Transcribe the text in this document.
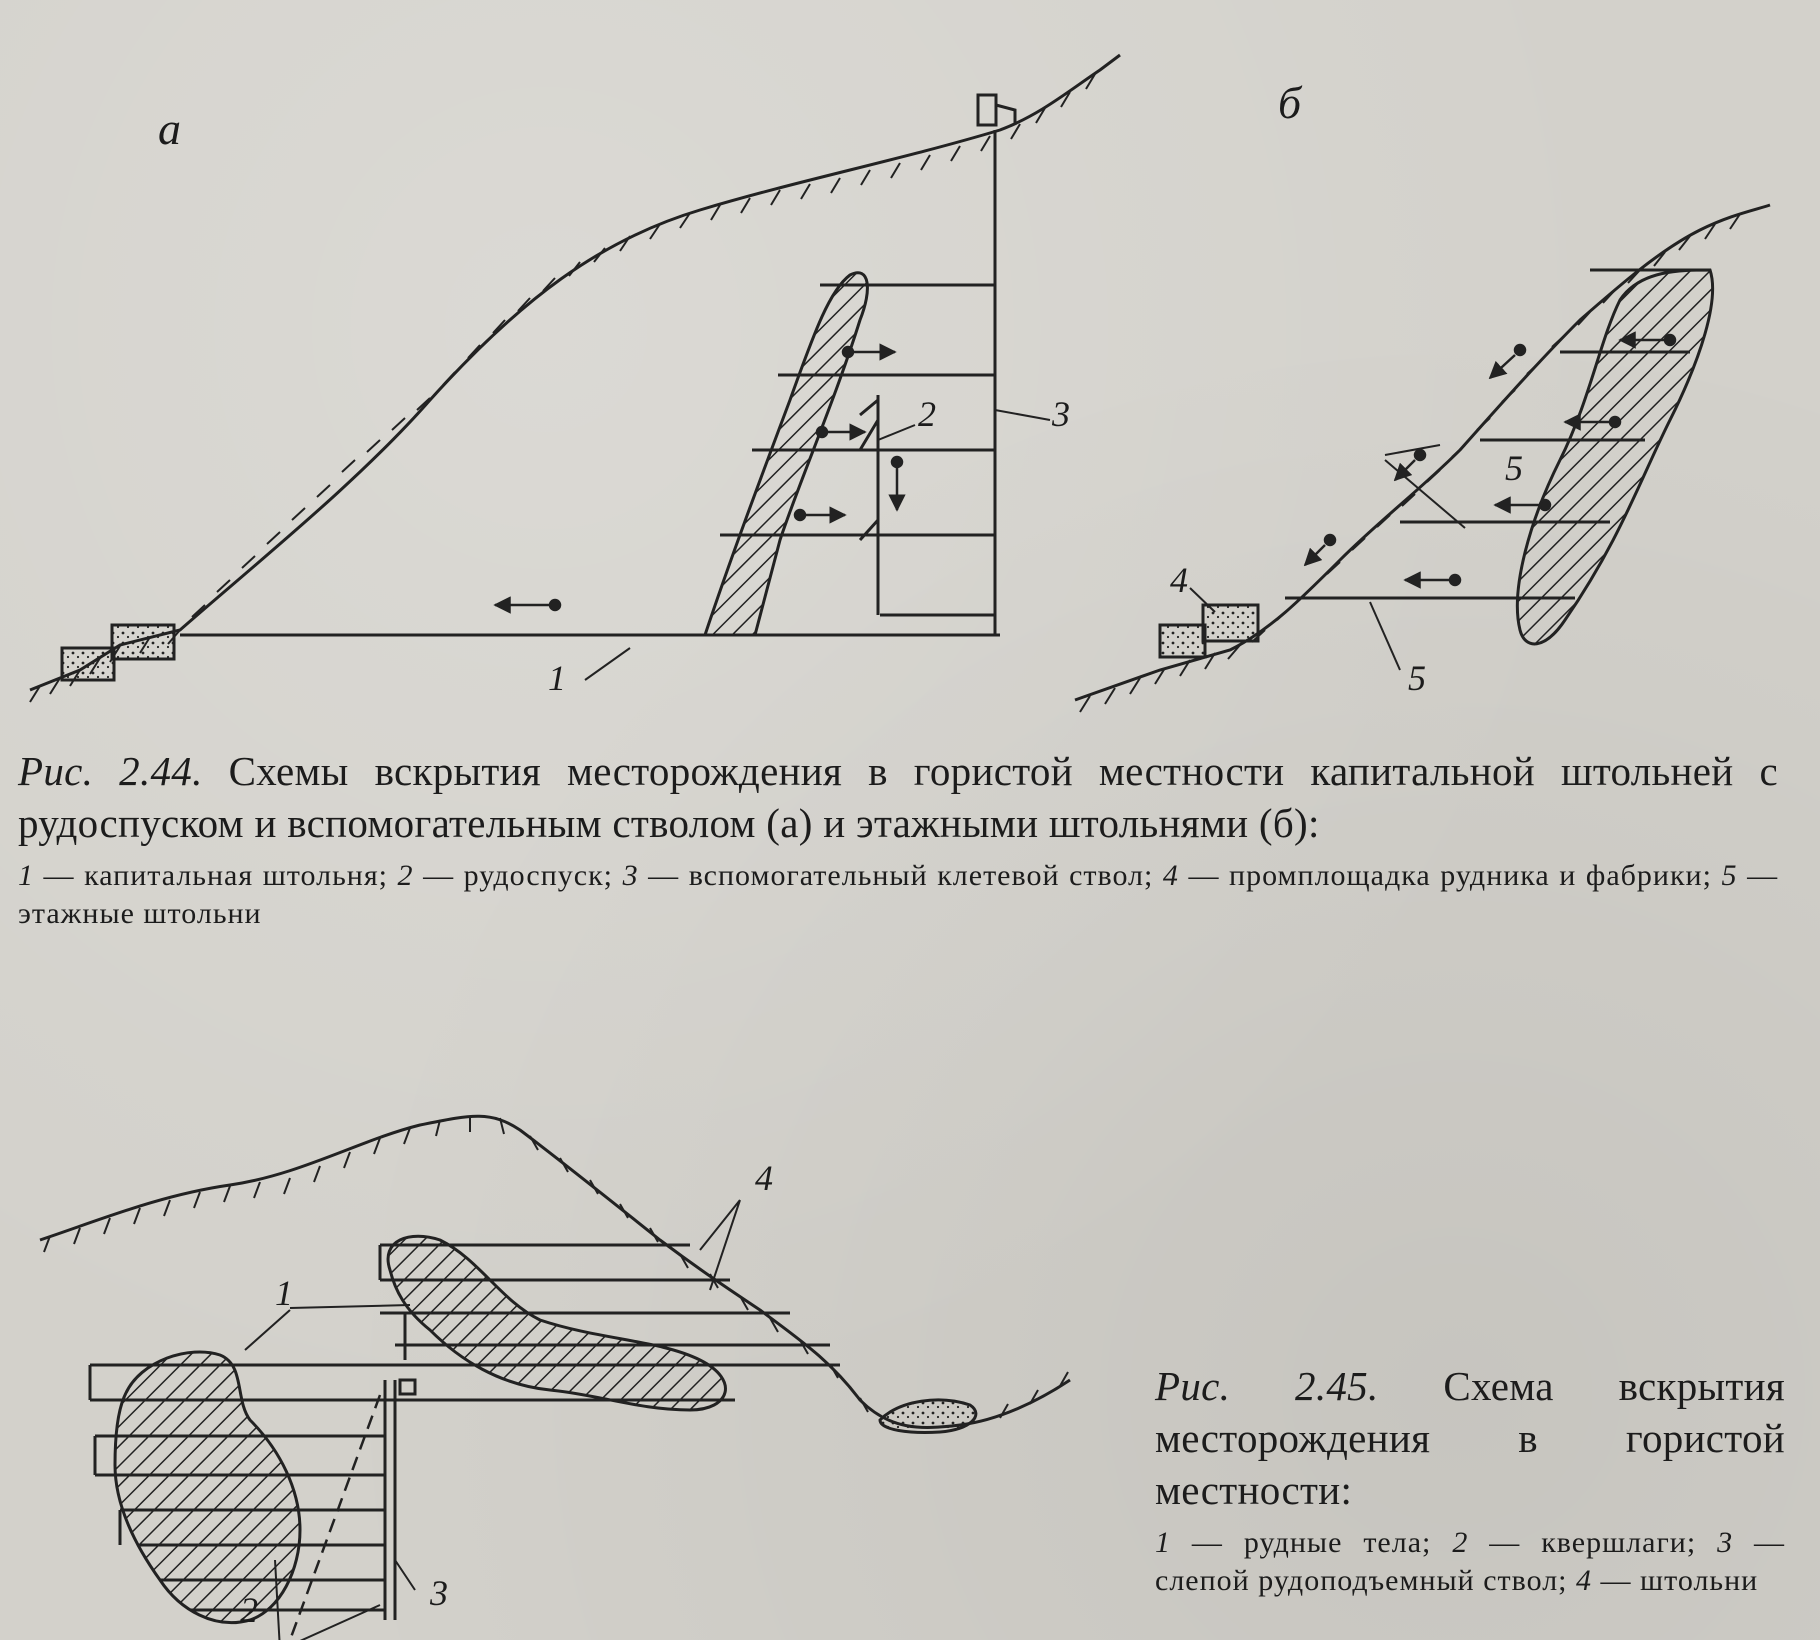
а
б
1
2	3
4
5
5
Рис. 2.44. Схемы вскрытия месторождения в гористой местности капитальной штольней с рудоспуском и вспомогательным стволом (а) и этажными штольнями (б):
1 — капитальная штольня; 2 — рудоспуск; 3 — вспомогательный клетевой ствол; 4 — промплощадка рудника и фабрики; 5 — этажные штольни
1
4
3
2
Рис. 2.45. Схема вскрытия месторождения в гористой местности:
1 — рудные тела; 2 — квершлаги; 3 — слепой рудоподъемный ствол; 4 — штольни
